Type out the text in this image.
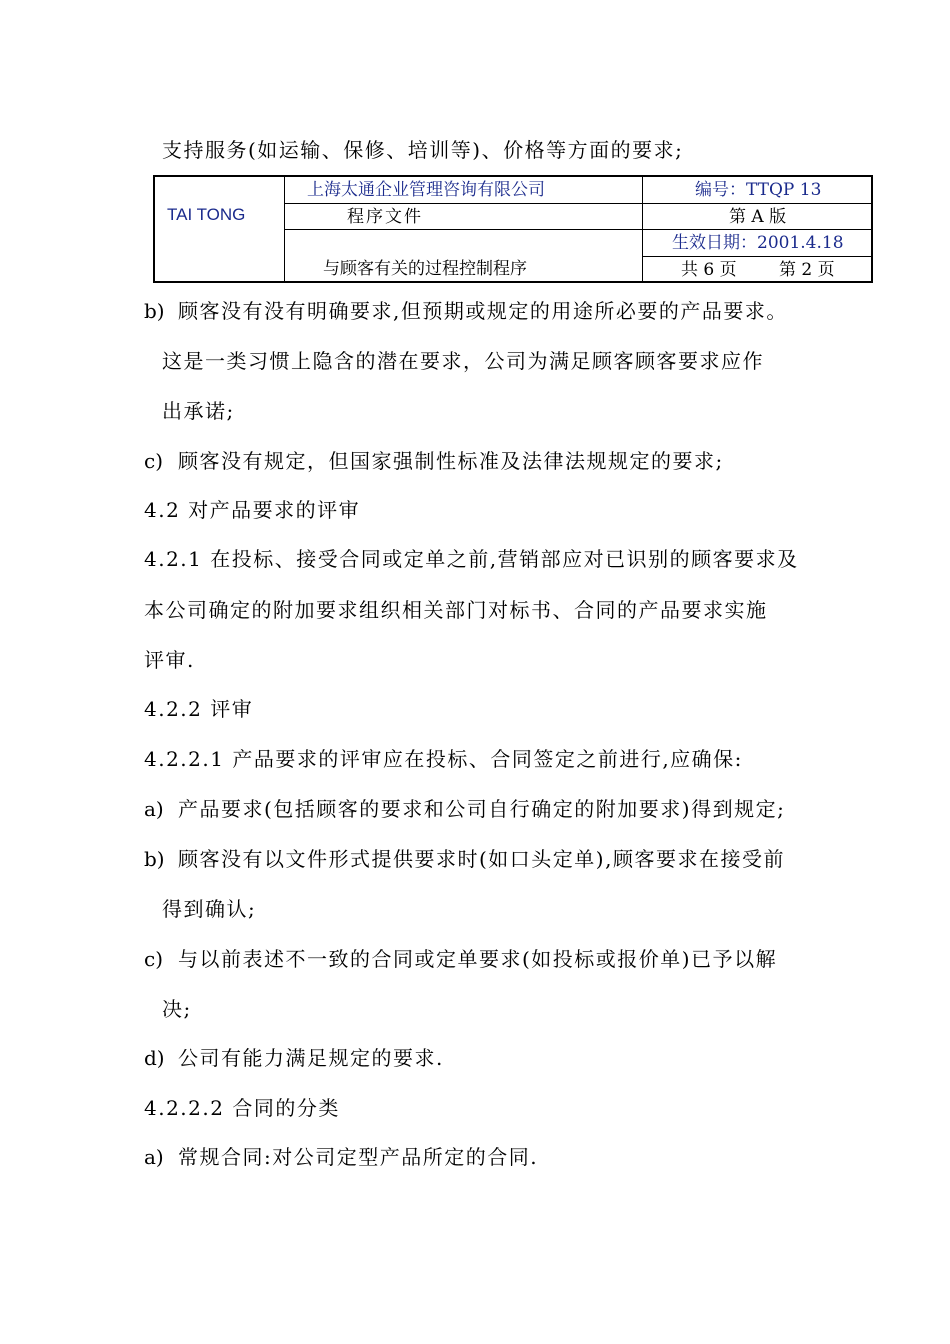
支持服务(如运输、保修、培训等)、价格等方面的要求;
TAI TONG
上海太通企业管理咨询有限公司
程序文件
与顾客有关的过程控制程序
编号：TTQP 13
第 A 版
生效日期：2001.4.18
共 6 页 第 2 页
b) 顾客没有没有明确要求,但预期或规定的用途所必要的产品要求。
这是一类习惯上隐含的潜在要求，公司为满足顾客顾客要求应作
出承诺;
c) 顾客没有规定，但国家强制性标准及法律法规规定的要求;
4.2 对产品要求的评审
4.2.1 在投标、接受合同或定单之前,营销部应对已识别的顾客要求及
本公司确定的附加要求组织相关部门对标书、合同的产品要求实施
评审.
4.2.2 评审
4.2.2.1 产品要求的评审应在投标、合同签定之前进行,应确保:
a) 产品要求(包括顾客的要求和公司自行确定的附加要求)得到规定;
b) 顾客没有以文件形式提供要求时(如口头定单),顾客要求在接受前
得到确认;
c) 与以前表述不一致的合同或定单要求(如投标或报价单)已予以解
决;
d) 公司有能力满足规定的要求.
4.2.2.2 合同的分类
a) 常规合同:对公司定型产品所定的合同.
